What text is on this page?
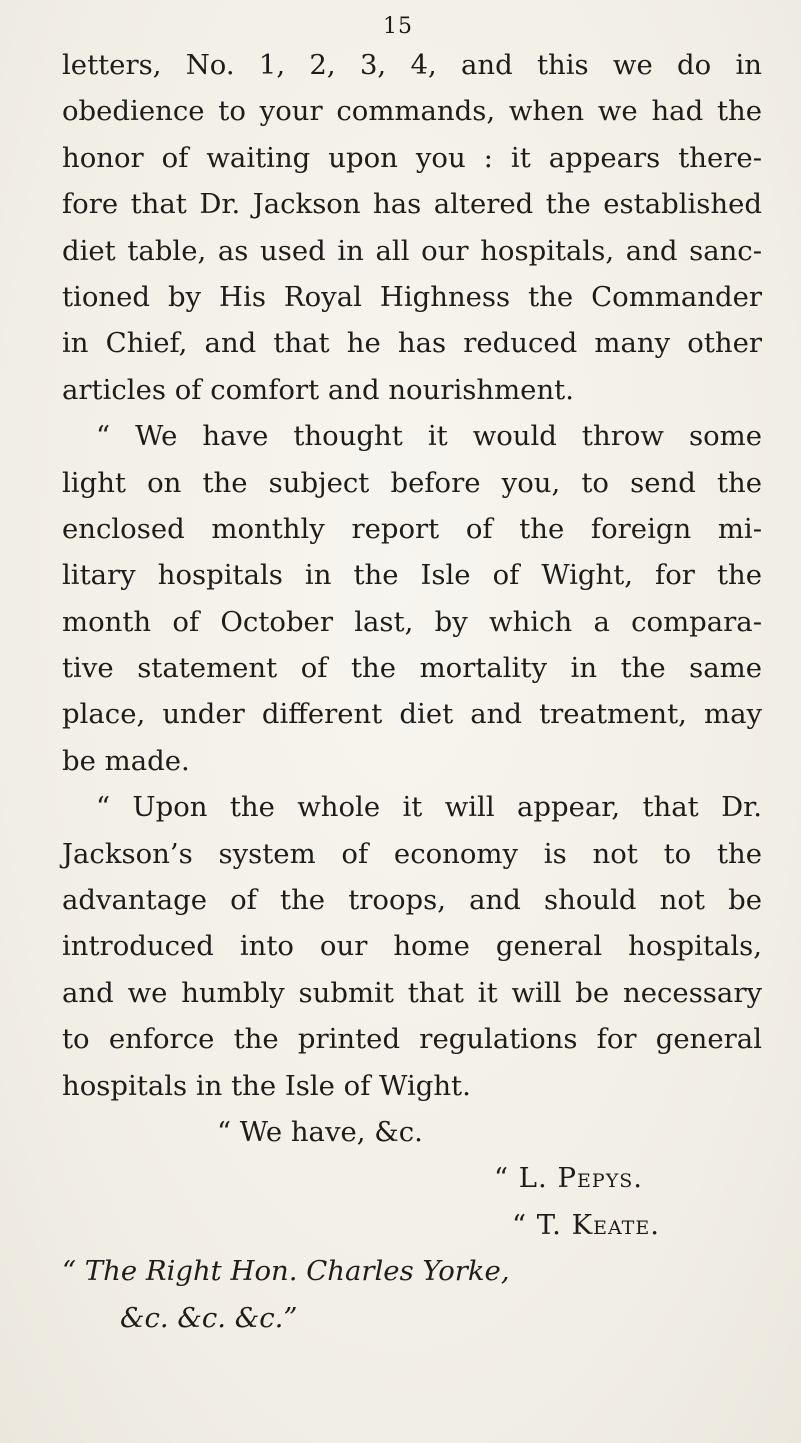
15
letters, No. 1, 2, 3, 4, and this we do in
obedience to your commands, when we had the
honor of waiting upon you : it appears there-
fore that Dr. Jackson has altered the established
diet table, as used in all our hospitals, and sanc-
tioned by His Royal Highness the Commander
in Chief, and that he has reduced many other
articles of comfort and nourishment.
“ We have thought it would throw some
light on the subject before you, to send the
enclosed monthly report of the foreign mi-
litary hospitals in the Isle of Wight, for the
month of October last, by which a compara-
tive statement of the mortality in the same
place, under different diet and treatment, may
be made.
“ Upon the whole it will appear, that Dr.
Jackson’s system of economy is not to the
advantage of the troops, and should not be
introduced into our home general hospitals,
and we humbly submit that it will be necessary
to enforce the printed regulations for general
hospitals in the Isle of Wight.
“ We have, &c.
“ L. Pepys.
“ T. Keate.
“ The Right Hon. Charles Yorke,
&c. &c. &c.”
